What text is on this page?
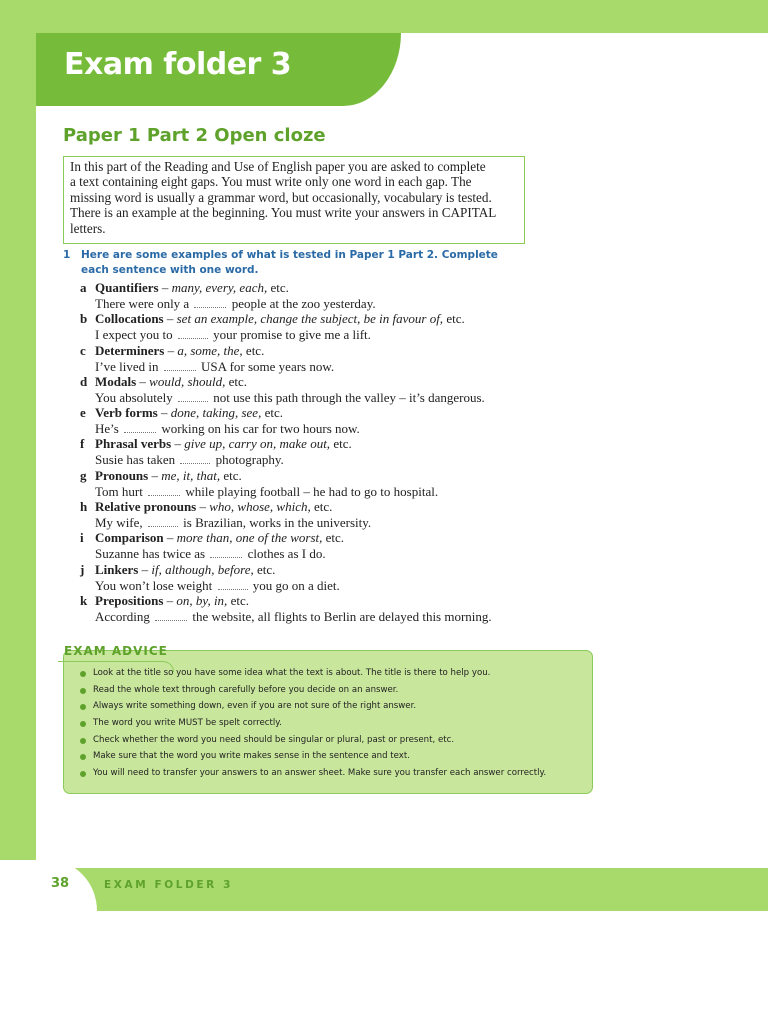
Exam folder 3
Paper 1 Part 2 Open cloze
In this part of the Reading and Use of English paper you are asked to complete
a text containing eight gaps. You must write only one word in each gap. The
missing word is usually a grammar word, but occasionally, vocabulary is tested.
There is an example at the beginning. You must write your answers in CAPITAL
letters.
1	Here are some examples of what is tested in Paper 1 Part 2. Complete each sentence with one word.
a Quantifiers – many, every, each, etc.
There were only a	people at the zoo yesterday.
b Collocations – set an example, change the subject, be in favour of, etc.
I expect you to	your promise to give me a lift.
c Determiners – a, some, the, etc.
I’ve lived in	USA for some years now.
d Modals – would, should, etc.
You absolutely	not use this path through the valley – it’s dangerous.
e Verb forms – done, taking, see, etc.
He’s	working on his car for two hours now.
f Phrasal verbs – give up, carry on, make out, etc.
Susie has taken	photography.
g Pronouns – me, it, that, etc.
Tom hurt	while playing football – he had to go to hospital.
h Relative pronouns – who, whose, which, etc.
My wife,	is Brazilian, works in the university.
i Comparison – more than, one of the worst, etc.
Suzanne has twice as	clothes as I do.
j Linkers – if, although, before, etc.
You won’t lose weight	you go on a diet.
k Prepositions – on, by, in, etc.
According	the website, all flights to Berlin are delayed this morning.
EXAM ADVICE
Look at the title so you have some idea what the text is about. The title is there to help you.
Read the whole text through carefully before you decide on an answer.
Always write something down, even if you are not sure of the right answer.
The word you write MUST be spelt correctly.
Check whether the word you need should be singular or plural, past or present, etc.
Make sure that the word you write makes sense in the sentence and text.
You will need to transfer your answers to an answer sheet. Make sure you transfer each answer correctly.
38	EXAM FOLDER 3
